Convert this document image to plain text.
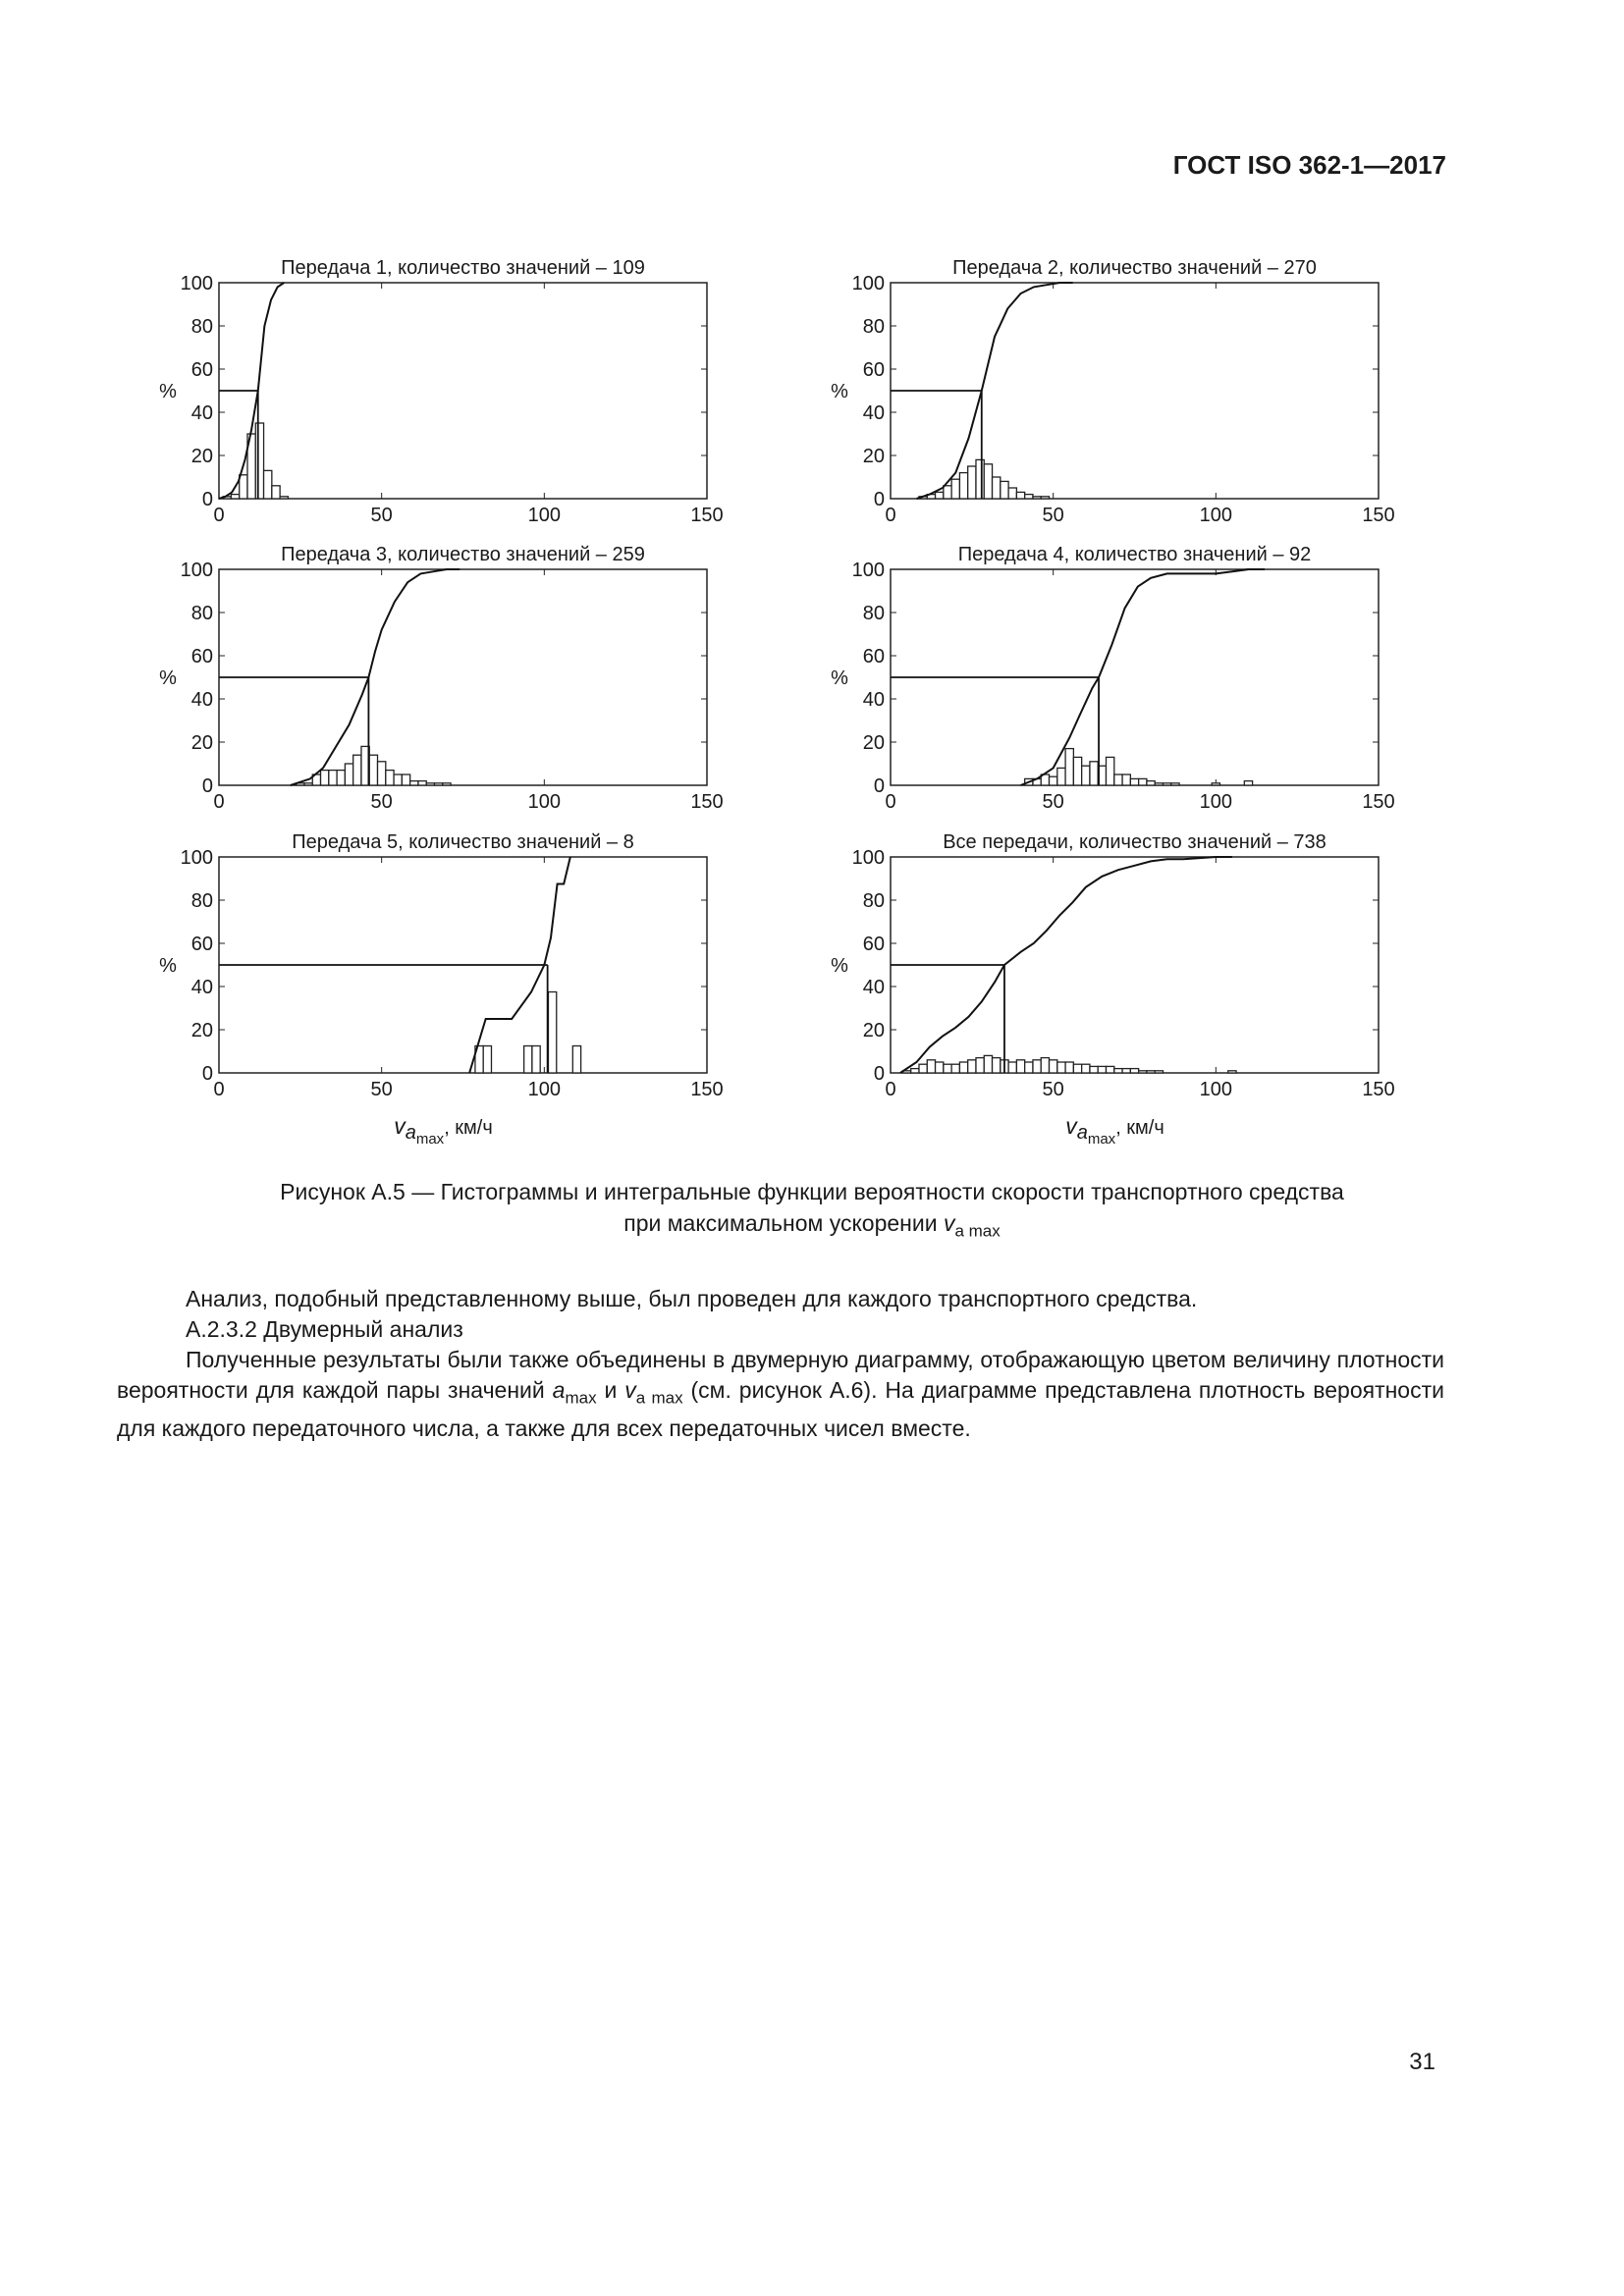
ГОСТ ISO 362-1—2017
Передача 1, количество значений – 109
0	50	100	150
0
20
40
60
80
100
%
Передача 2, количество значений – 270
0	50	100	150
0
20
40
60
80
100
%
Передача 3, количество значений – 259
0	50	100	150
0
20
40
60
80
100
%
Передача 4, количество значений – 92
0	50	100	150
0
20
40
60
80
100
%
Передача 5, количество значений – 8
0	50	100	150
0
20
40
60
80
100
%
$va_{max}$, км/ч
Все передачи, количество значений – 738
0	50	100	150
0
20
40
60
80
100
%
$va_{max}$, км/ч
Рисунок А.5 — Гистограммы и интегральные функции вероятности скорости транспортного средства
при максимальном ускорении $v_{a max}$

Анализ, подобный представленному выше, был проведен для каждого транспортного средства.

А.2.3.2 Двумерный анализ

Полученные результаты были также объединены в двумерную диаграмму, отображающую цветом величину плотности вероятности для каждой пары значений $a_{max}$ и $v_{a max}$ (см. рисунок А.6). На диаграмме представлена плотность вероятности для каждого передаточного числа, а также для всех передаточных чисел вместе.

31
